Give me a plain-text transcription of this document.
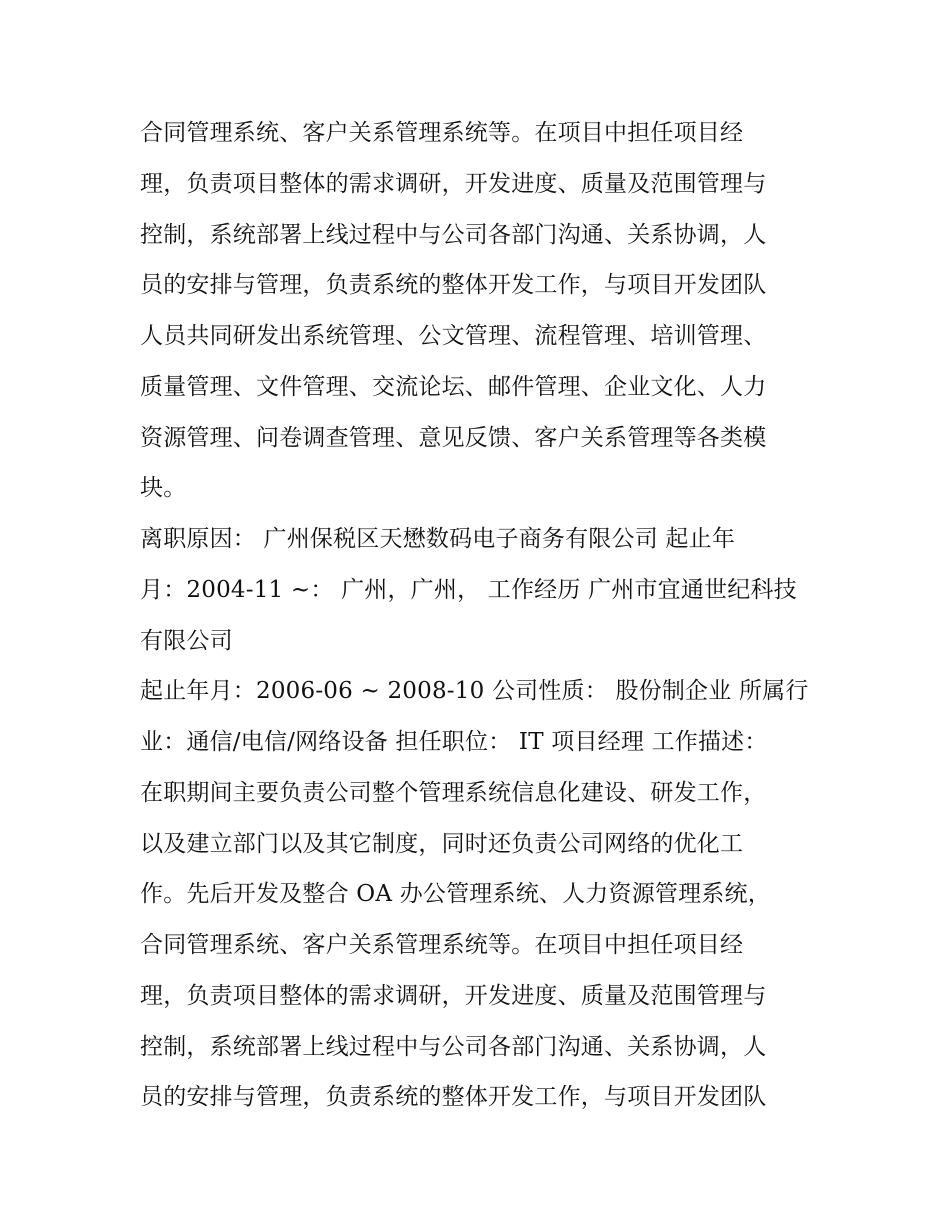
合同管理系统、客户关系管理系统等。在项目中担任项目经
理，负责项目整体的需求调研，开发进度、质量及范围管理与
控制，系统部署上线过程中与公司各部门沟通、关系协调，人
员的安排与管理，负责系统的整体开发工作，与项目开发团队
人员共同研发出系统管理、公文管理、流程管理、培训管理、
质量管理、文件管理、交流论坛、邮件管理、企业文化、人力
资源管理、问卷调查管理、意见反馈、客户关系管理等各类模
块。
离职原因： 广州保税区天懋数码电子商务有限公司 起止年
月：2004-11 ~： 广州，广州， 工作经历 广州市宜通世纪科技
有限公司
起止年月：2006-06 ~ 2008-10 公司性质： 股份制企业 所属行
业：通信/电信/网络设备 担任职位： IT 项目经理 工作描述：
在职期间主要负责公司整个管理系统信息化建设、研发工作，
以及建立部门以及其它制度，同时还负责公司网络的优化工
作。先后开发及整合 OA 办公管理系统、人力资源管理系统，
合同管理系统、客户关系管理系统等。在项目中担任项目经
理，负责项目整体的需求调研，开发进度、质量及范围管理与
控制，系统部署上线过程中与公司各部门沟通、关系协调，人
员的安排与管理，负责系统的整体开发工作，与项目开发团队
